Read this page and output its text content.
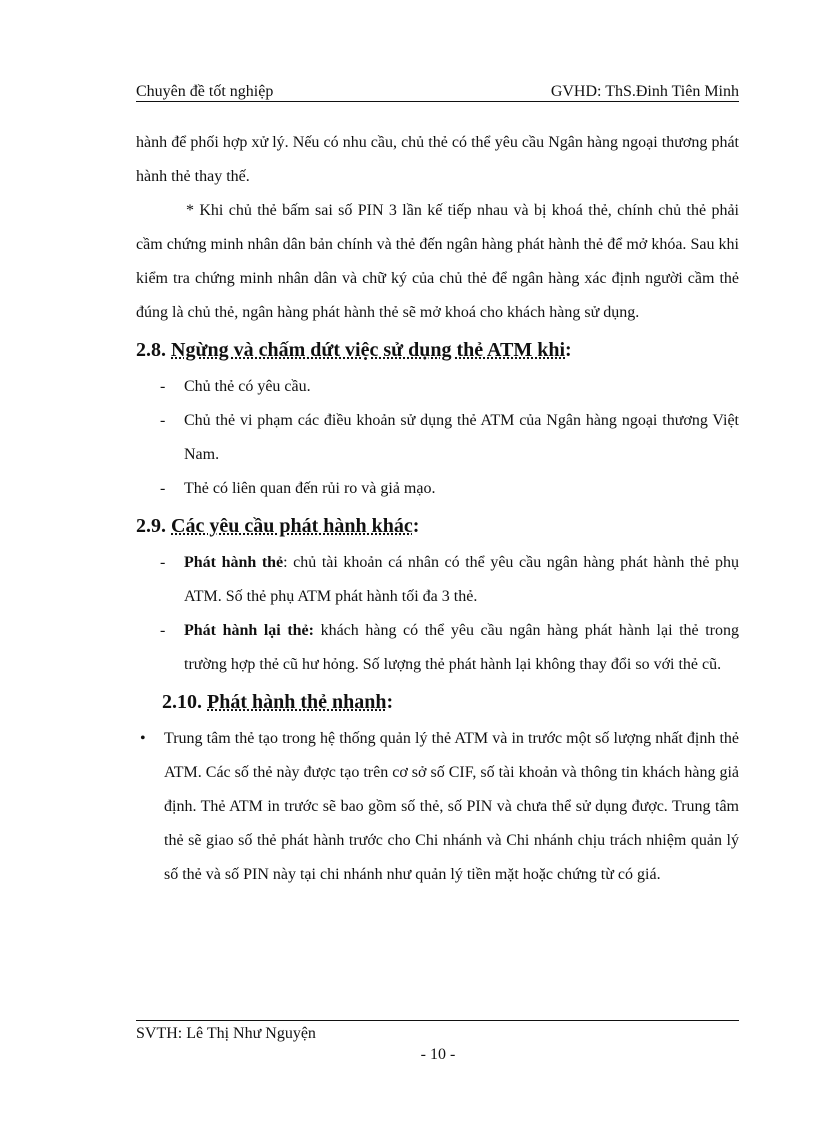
Chuyên đề tốt nghiệp	GVHD: ThS.Đinh Tiên Minh

hành để phối hợp xử lý. Nếu có nhu cầu, chủ thẻ có thể yêu cầu Ngân hàng ngoại thương phát hành thẻ thay thế.

* Khi chủ thẻ bấm sai số PIN 3 lần kế tiếp nhau và bị khoá thẻ, chính chủ thẻ phải cầm chứng minh nhân dân bản chính và thẻ đến ngân hàng phát hành thẻ để mở khóa. Sau khi kiểm tra chứng minh nhân dân và chữ ký của chủ thẻ để ngân hàng xác định người cầm thẻ đúng là chủ thẻ, ngân hàng phát hành thẻ sẽ mở khoá cho khách hàng sử dụng.

2.8. Ngừng và chấm dứt việc sử dụng thẻ ATM khi:
- Chủ thẻ có yêu cầu.
- Chủ thẻ vi phạm các điều khoản sử dụng thẻ ATM của Ngân hàng ngoại thương Việt Nam.
- Thẻ có liên quan đến rủi ro và giả mạo.
2.9. Các yêu cầu phát hành khác:
- Phát hành thẻ: chủ tài khoản cá nhân có thể yêu cầu ngân hàng phát hành thẻ phụ ATM. Số thẻ phụ ATM phát hành tối đa 3 thẻ.
- Phát hành lại thẻ: khách hàng có thể yêu cầu ngân hàng phát hành lại thẻ trong trường hợp thẻ cũ hư hỏng. Số lượng thẻ phát hành lại không thay đổi so với thẻ cũ.
2.10. Phát hành thẻ nhanh:
• Trung tâm thẻ tạo trong hệ thống quản lý thẻ ATM và in trước một số lượng nhất định thẻ ATM. Các số thẻ này được tạo trên cơ sở số CIF, số tài khoản và thông tin khách hàng giả định. Thẻ ATM in trước sẽ bao gồm số thẻ, số PIN và chưa thể sử dụng được. Trung tâm thẻ sẽ giao số thẻ phát hành trước cho Chi nhánh và Chi nhánh chịu trách nhiệm quản lý số thẻ và số PIN này tại chi nhánh như quản lý tiền mặt hoặc chứng từ có giá.
SVTH: Lê Thị Như Nguyện
- 10 -
